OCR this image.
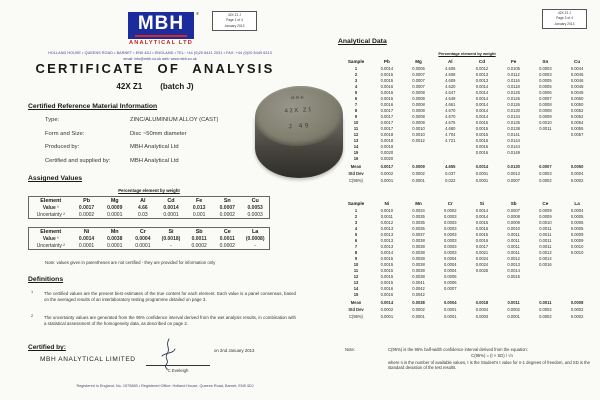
MBH	®
ANALYTICAL LTD
42X Z1 J
Page 1 of 4
January 2013
HOLLAND HOUSE • QUEENS ROAD • BARNET • EN5 4DJ • ENGLAND • TEL: +44 (0)20 8441 2031 • FAX: +44 (0)20 8449 6313
email: info@mbh.co.uk web: www.mbh.co.uk
CERTIFICATE OF ANALYSIS
42X Z1 (batch J)
Certified Reference Material Information
Type:	ZINC/ALUMINIUM ALLOY (CAST)
Form and Size:	Disc ~50mm diameter
Produced by:	MBH Analytical Ltd
Certified and supplied by:	MBH Analytical Ltd
MBH
42X Z1
J 49
Assigned Values
Percentage element by weight
Element	Pb	Mg	Al	Cd	Fe	Sn	Cu
Value ¹	0.0017	0.0009	4.66	0.0014	0.013	0.0007	0.0053
Uncertainty ²	0.0002	0.0001	0.03	0.0001	0.001	0.0002	0.0003
Element	Ni	Mn	Cr	Si	Sb	Ce	La
Value ¹	0.0014	0.0038	0.0004	(0.0018)	0.0011	0.0011	(0.0008)
Uncertainty ²	0.0001	0.0001	0.0001	-	0.0002	0.0002	-
Note: values given in parentheses are not certified - they are provided for information only
Definitions
1 The certified values are the present best estimates of the true content for each element. Each value is a panel consensus, based on the averaged results of an interlaboratory testing programme detailed on page 3.
2 The uncertainty values are generated from the 95% confidence interval derived from the wet analysis results, in combination with a statistical assessment of the homogeneity data, as described on page 2.
Certified by:
MBH ANALYTICAL LIMITED
on 2nd January 2013
C Eveleigh
Registered in England, No. 1575883 • Registered Office: Holland House, Queens Road, Barnet, EN5 4DJ
42X Z1 J
Page 3 of 4
January 2013
Analytical Data
Percentage element by weight
Sample	Pb	Mg	Al	Cd	Fe	Sn	Cu
1	0.0014	0.0006	4.605	0.0012	0.0105	0.0003	0.0044
2	0.0015	0.0007	4.608	0.0013	0.0112	0.0003	0.0046
3	0.0015	0.0007	4.609	0.0013	0.0116	0.0005	0.0046
4	0.0016	0.0007	4.620	0.0014	0.0118	0.0005	0.0048
5	0.0016	0.0008	4.647	0.0014	0.0125	0.0006	0.0049
6	0.0016	0.0008	4.649	0.0014	0.0126	0.0007	0.0050
7	0.0016	0.0008	4.661	0.0014	0.0126	0.0008	0.0050
8	0.0017	0.0008	4.670	0.0014	0.0130	0.0008	0.0052
9	0.0017	0.0008	4.670	0.0014	0.0134	0.0009	0.0052
10	0.0017	0.0009	4.676	0.0015	0.0135	0.0010	0.0054
11	0.0017	0.0010	4.680	0.0015	0.0138	0.0011	0.0055
12	0.0018	0.0010	4.704	0.0015	0.0141		0.0057
13	0.0018	0.0012	4.721	0.0015	0.0144		
14	0.0019			0.0016	0.0144		
15	0.0020			0.0016	0.0149		
16	0.0020						
Mean	0.0017	0.0009	4.655	0.0014	0.0130	0.0007	0.0050
Std Dev	0.0002	0.0002	0.037	0.0001	0.0013	0.0003	0.0004
C(95%)	0.0001	0.0001	0.022	0.0001	0.0007	0.0002	0.0002
Sample	Ni	Mn	Cr	Si	Sb	Ce	La
1	0.0010	0.0034	0.0002	0.0014	0.0007	0.0009	0.0004
2	0.0011	0.0035	0.0003	0.0014	0.0008	0.0009	0.0005
3	0.0012	0.0035	0.0003	0.0015	0.0009	0.0010	0.0005
4	0.0013	0.0035	0.0003	0.0015	0.0010	0.0011	0.0005
5	0.0013	0.0037	0.0003	0.0015	0.0011	0.0011	0.0009
6	0.0013	0.0038	0.0003	0.0016	0.0011	0.0011	0.0009
7	0.0013	0.0038	0.0003	0.0017	0.0011	0.0011	0.0010
8	0.0014	0.0038	0.0003	0.0021	0.0011	0.0012	0.0010
9	0.0015	0.0038	0.0004	0.0024	0.0012	0.0014	
10	0.0015	0.0038	0.0004	0.0024	0.0013	0.0016	
11	0.0015	0.0038	0.0004	0.0025	0.0014		
12	0.0015	0.0038	0.0005		0.0015		
13	0.0015	0.0041	0.0006				
14	0.0016	0.0042	0.0007				
15	0.0016	0.0042					
Mean	0.0014	0.0038	0.0004	0.0018	0.0011	0.0011	0.0008
Std Dev	0.0002	0.0002	0.0001	0.0004	0.0002	0.0002	0.0002
C(95%)	0.0001	0.0001	0.0001	0.0003	0.0001	0.0002	0.0002
Note:	C(95%) is the 95% half-width confidence interval derived from the equation:
C(95%) = (t × SD) / √n
where n is the number of available values, t is the Student's t value for n-1 degrees of freedom, and SD is the standard deviation of the test results.
